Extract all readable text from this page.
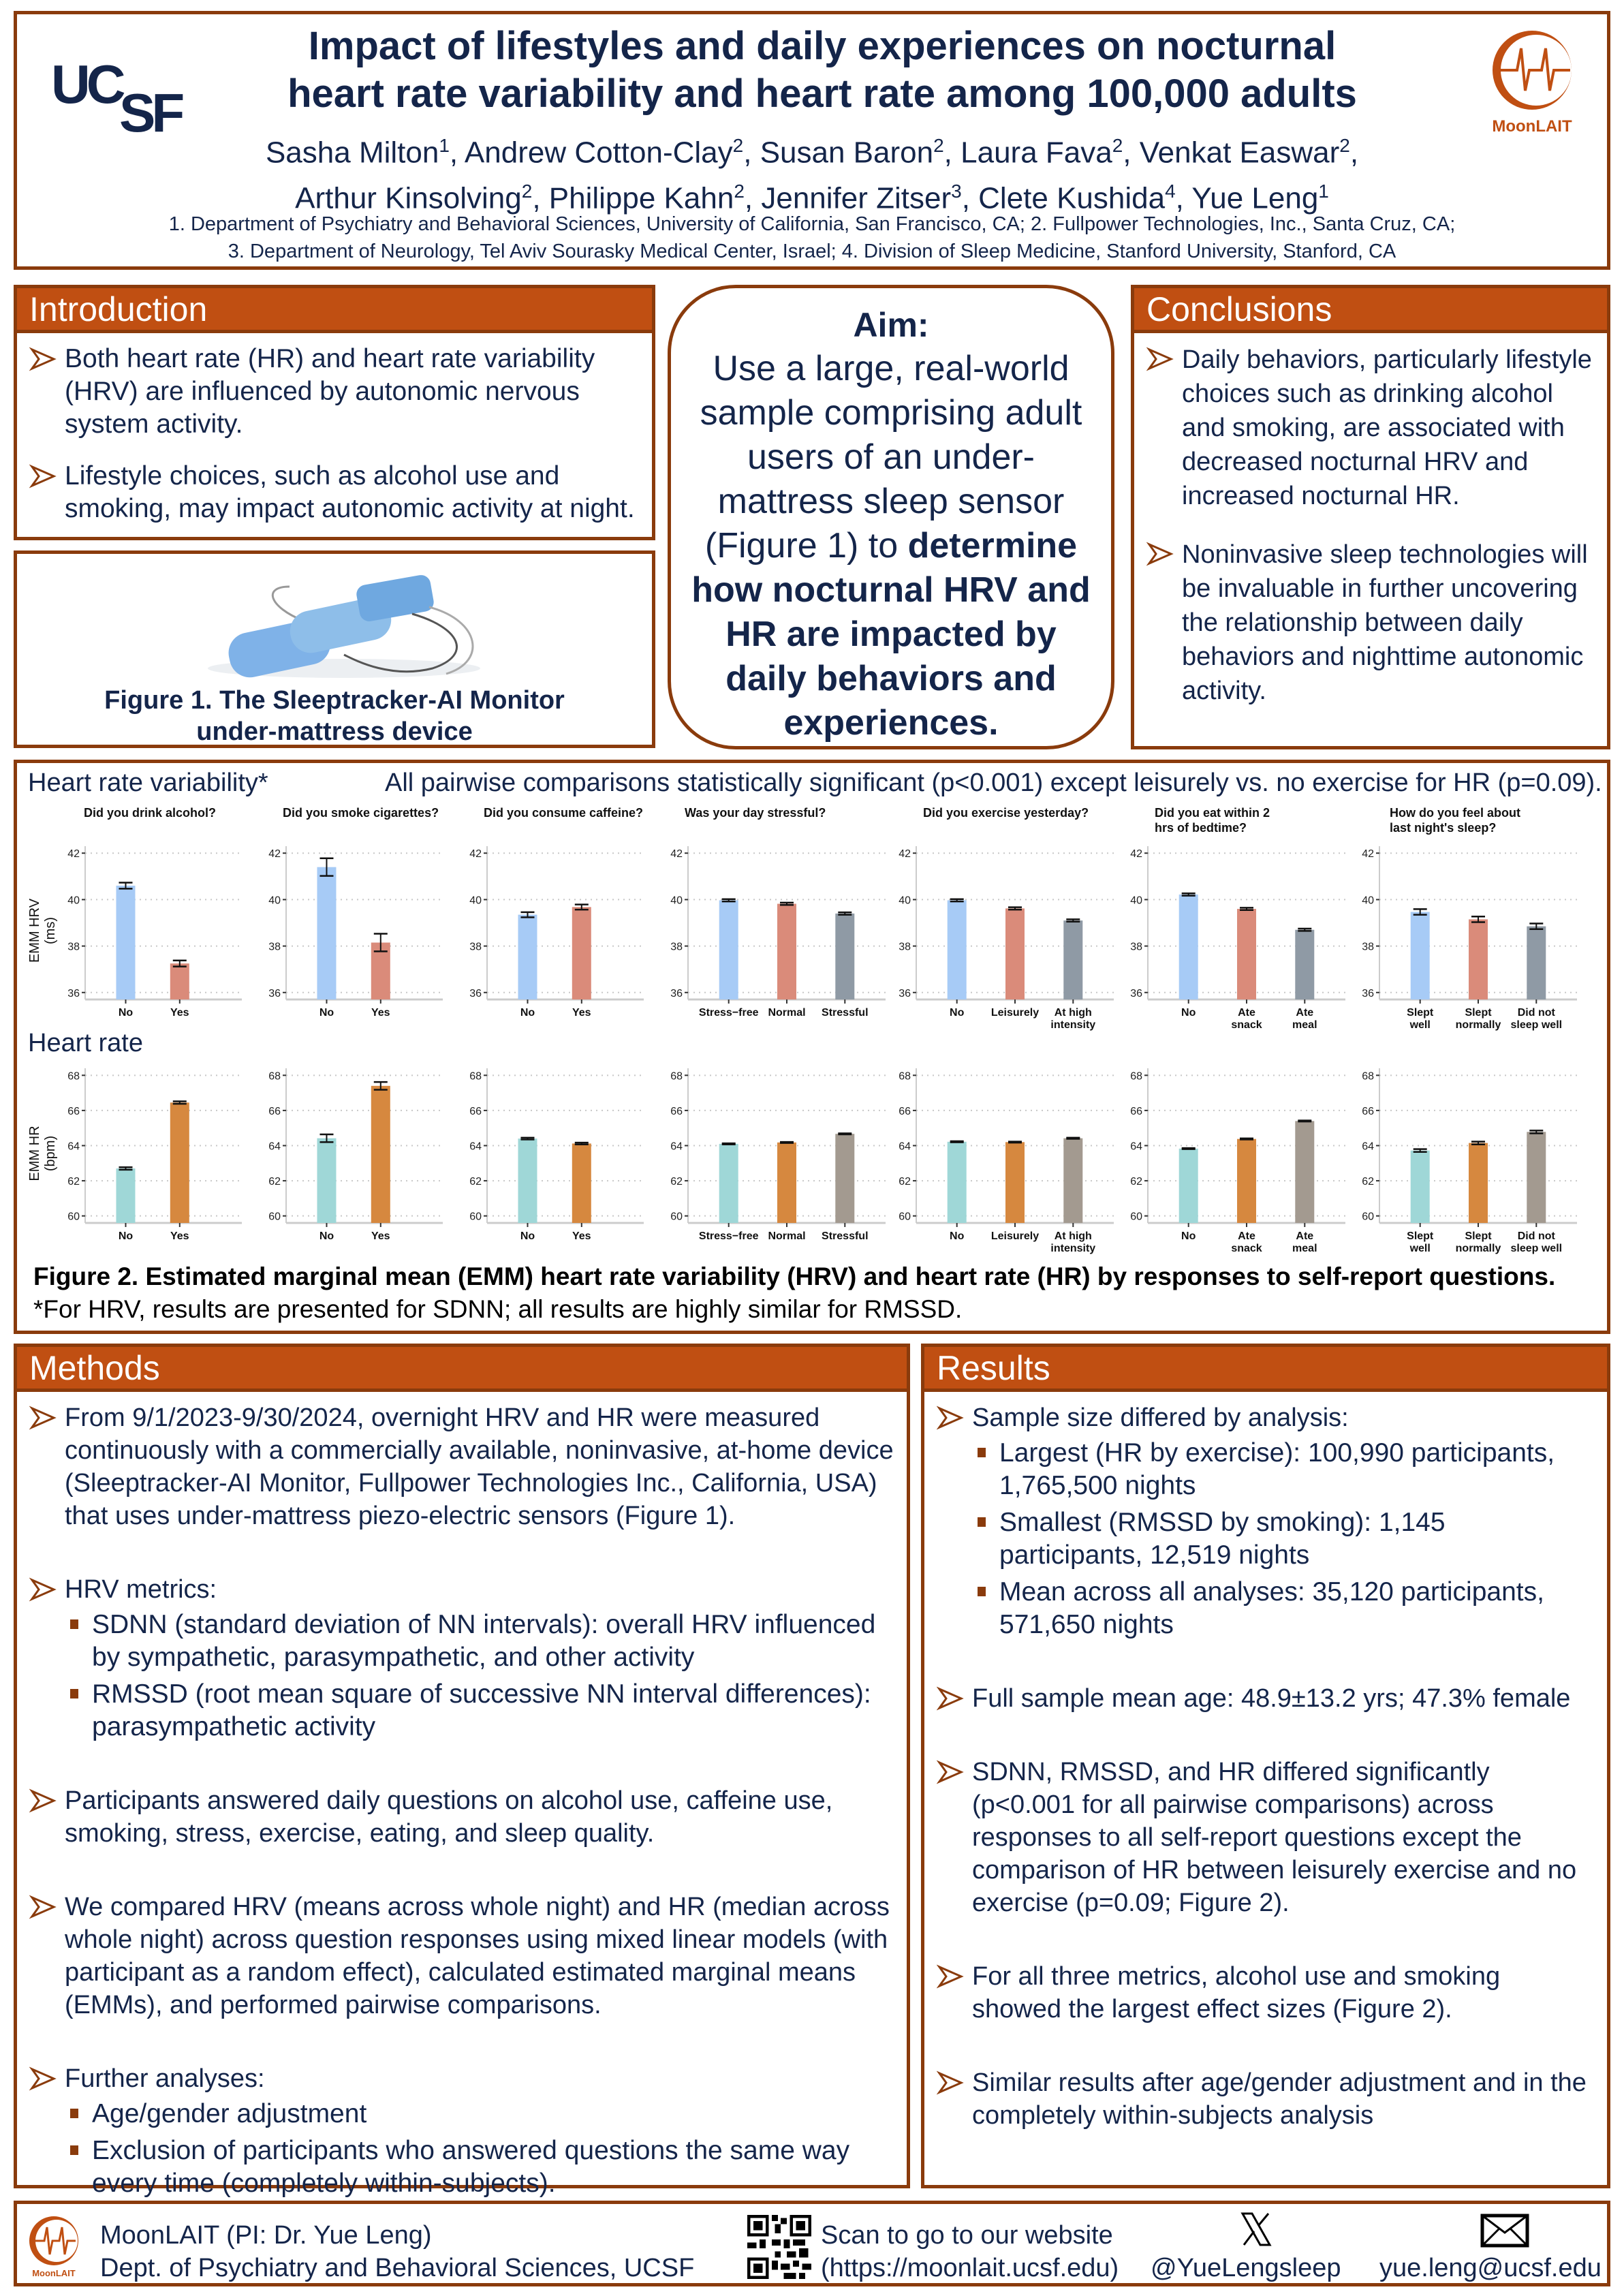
UC
SF
Impact of lifestyles and daily experiences on nocturnal
heart rate variability and heart rate among 100,000 adults
Sasha Milton$^1$, Andrew Cotton-Clay$^2$, Susan Baron$^2$, Laura Fava$^2$, Venkat Easwar$^2$,
Arthur Kinsolving$^2$, Philippe Kahn$^2$, Jennifer Zitser$^3$, Clete Kushida$^4$, Yue Leng$^1$
1. Department of Psychiatry and Behavioral Sciences, University of California, San Francisco, CA; 2. Fullpower Technologies, Inc., Santa Cruz, CA;
3. Department of Neurology, Tel Aviv Sourasky Medical Center, Israel; 4. Division of Sleep Medicine, Stanford University, Stanford, CA
MoonLAIT
Introduction
Both heart rate (HR) and heart rate variability (HRV) are influenced by autonomic nervous system activity.
Lifestyle choices, such as alcohol use and smoking, may impact autonomic activity at night.
Figure 1. The Sleeptracker-AI Monitor
under-mattress device
Aim:
Use a large, real-world sample comprising adult users of an under-mattress sleep sensor (Figure 1) to determine how nocturnal HRV and HR are impacted by daily behaviors and experiences.
Conclusions
Daily behaviors, particularly lifestyle choices such as drinking alcohol and smoking, are associated with decreased nocturnal HRV and increased nocturnal HR.
Noninvasive sleep technologies will be invaluable in further uncovering the relationship between daily behaviors and nighttime autonomic activity.
Heart rate variability*	All pairwise comparisons statistically significant (p<0.001) except leisurely vs. no exercise for HR (p=0.09).
Heart rate
EMM HRV (ms)
Did you drink alcohol?
36
38
40
42
No	Yes
Did you smoke cigarettes?
36
38
40
42
No	Yes
Did you consume caffeine?
36
38
40
42
No	Yes
Was your day stressful?
36
38
40
42
Stress−free Normal Stressful
Did you exercise yesterday?
36
38
40
42
No Leisurely At high
intensity
Did you eat within 2 hrs of bedtime?
36
38
40
42
No	Ate
snack
Ate
meal
How do you feel about last night's sleep?
36
38
40
42
Slept
well
Slept
normally
Did not
sleep well
EMM HR (bpm)
60
62
64
66
68
No	Yes
60
62
64
66
68
No	Yes
60
62
64
66
68
No	Yes
60
62
64
66
68
Stress−free Normal Stressful
60
62
64
66
68
No Leisurely At high
intensity
60
62
64
66
68
No	Ate
snack
Ate
meal
60
62
64
66
68
Slept
well
Slept
normally
Did not
sleep well
Figure 2. Estimated marginal mean (EMM) heart rate variability (HRV) and heart rate (HR) by responses to self-report questions. *For HRV, results are presented for SDNN; all results are highly similar for RMSSD.
Methods
From 9/1/2023-9/30/2024, overnight HRV and HR were measured continuously with a commercially available, noninvasive, at-home device (Sleeptracker-AI Monitor, Fullpower Technologies Inc., California, USA) that uses under-mattress piezo-electric sensors (Figure 1).
HRV metrics:
SDNN (standard deviation of NN intervals): overall HRV influenced by sympathetic, parasympathetic, and other activity
RMSSD (root mean square of successive NN interval differences): parasympathetic activity
Participants answered daily questions on alcohol use, caffeine use, smoking, stress, exercise, eating, and sleep quality.
We compared HRV (means across whole night) and HR (median across whole night) across question responses using mixed linear models (with participant as a random effect), calculated estimated marginal means (EMMs), and performed pairwise comparisons.
Further analyses:
Age/gender adjustment
Exclusion of participants who answered questions the same way every time (completely within-subjects).
Results
Sample size differed by analysis:
Largest (HR by exercise): 100,990 participants, 1,765,500 nights
Smallest (RMSSD by smoking): 1,145 participants, 12,519 nights
Mean across all analyses: 35,120 participants, 571,650 nights
Full sample mean age: 48.9±13.2 yrs; 47.3% female
SDNN, RMSSD, and HR differed significantly (p<0.001 for all pairwise comparisons) across responses to all self-report questions except the comparison of HR between leisurely exercise and no exercise (p=0.09; Figure 2).
For all three metrics, alcohol use and smoking showed the largest effect sizes (Figure 2).
Similar results after age/gender adjustment and in the completely within-subjects analysis
MoonLAIT
MoonLAIT (PI: Dr. Yue Leng)
Dept. of Psychiatry and Behavioral Sciences, UCSF
Scan to go to our website
(https://moonlait.ucsf.edu) @YueLengsleep yue.leng@ucsf.edu
